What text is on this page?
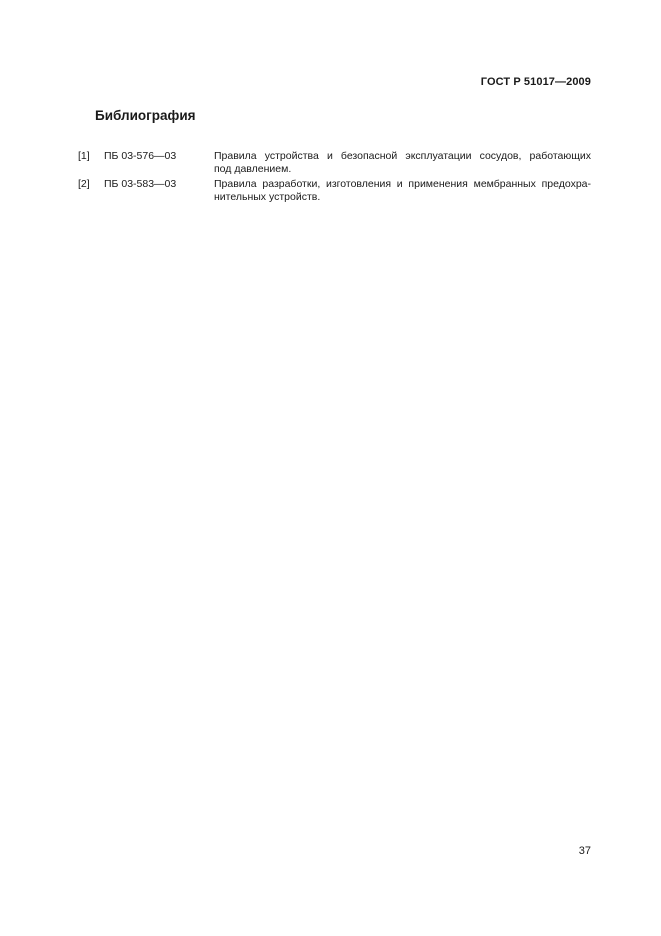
ГОСТ Р 51017—2009
Библиография
[1]	ПБ 03-576—03	Правила устройства и безопасной эксплуатации сосудов, работающих
под давлением.
[2]	ПБ 03-583—03	Правила разработки, изготовления и применения мембранных предохра-
нительных устройств.
37
